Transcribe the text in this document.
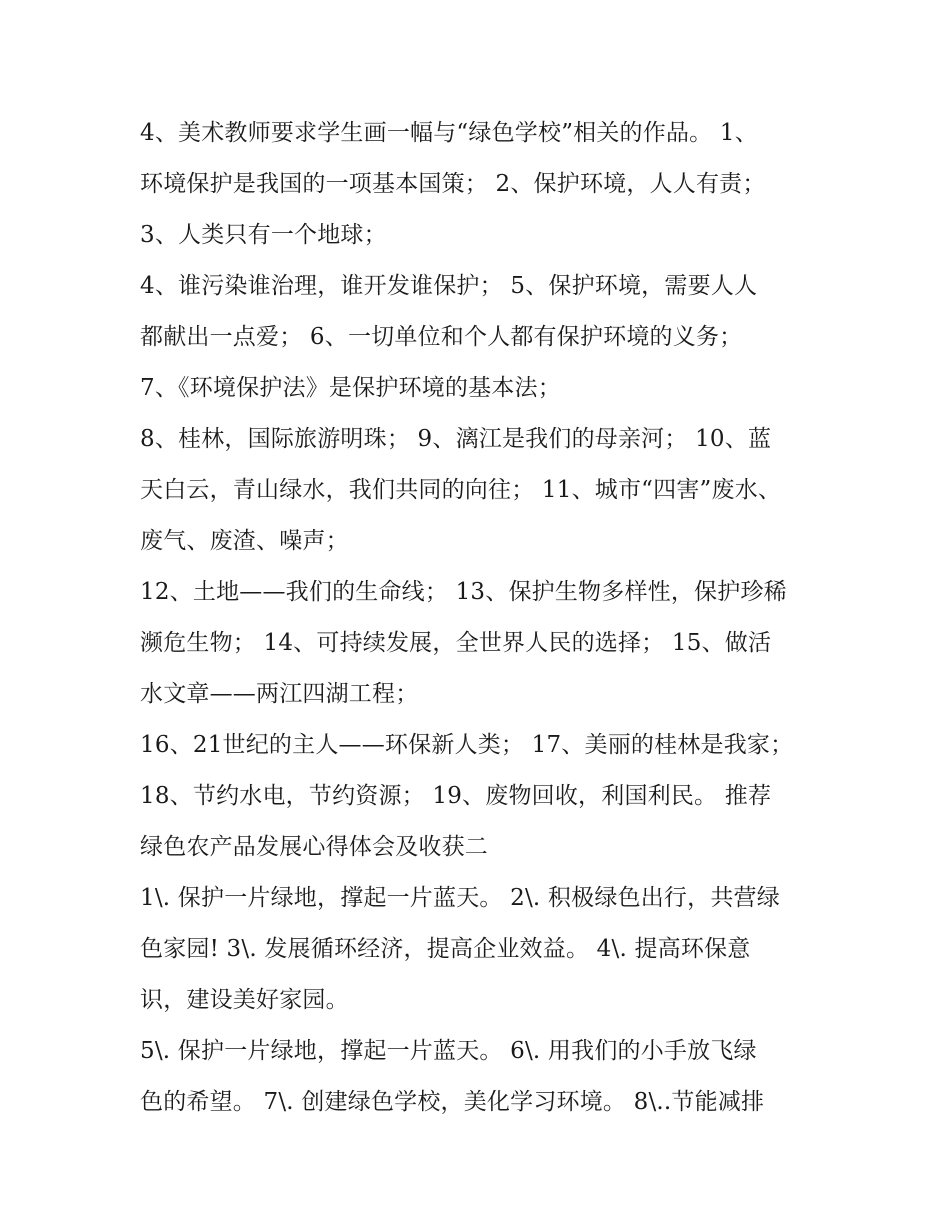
4、美术教师要求学生画一幅与“绿色学校”相关的作品。 1、
环境保护是我国的一项基本国策； 2、保护环境，人人有责；
3、人类只有一个地球；
4、谁污染谁治理，谁开发谁保护； 5、保护环境，需要人人
都献出一点爱； 6、一切单位和个人都有保护环境的义务；
7、《环境保护法》是保护环境的基本法；
8、桂林，国际旅游明珠； 9、漓江是我们的母亲河； 10、蓝
天白云，青山绿水，我们共同的向往； 11、城市“四害”废水、
废气、废渣、噪声；
12、土地——我们的生命线； 13、保护生物多样性，保护珍稀
濒危生物； 14、可持续发展，全世界人民的选择； 15、做活
水文章——两江四湖工程；
16、21世纪的主人——环保新人类； 17、美丽的桂林是我家；
18、节约水电，节约资源； 19、废物回收，利国利民。 推荐
绿色农产品发展心得体会及收获二
1\. 保护一片绿地，撑起一片蓝天。 2\. 积极绿色出行，共营绿
色家园! 3\. 发展循环经济，提高企业效益。 4\. 提高环保意
识，建设美好家园。
5\. 保护一片绿地，撑起一片蓝天。 6\. 用我们的小手放飞绿
色的希望。 7\. 创建绿色学校，美化学习环境。 8\..节能减排
